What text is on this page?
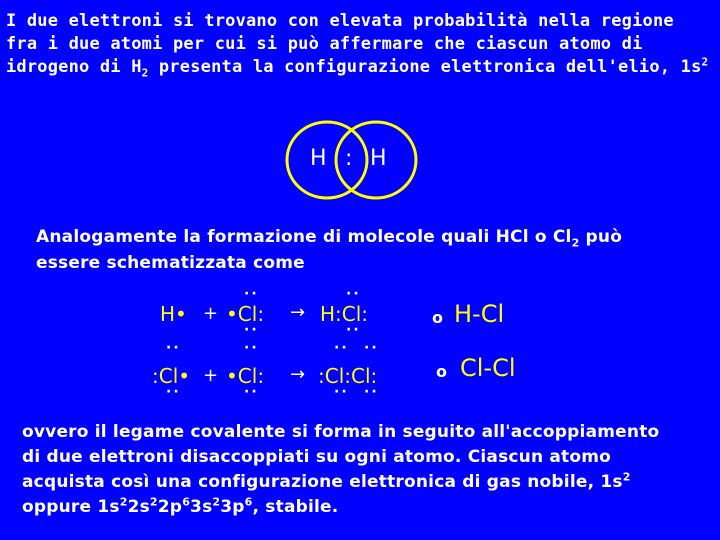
I due elettroni si trovano con elevata probabilità nella regione
fra i due atomi per cui si può affermare che ciascun atomo di
idrogeno di $H_2$ presenta la configurazione elettronica dell'elio, $1s^2$
H : H
Analogamente la formazione di molecole quali HCl o $Cl_2$ può
essere schematizzata come
H• + •Cl:
··
··
→ H:Cl:
··
··
o H-Cl
··
:Cl•
··
+
··
•Cl:
··
→
·· ··
:Cl:Cl:
·· ··
o Cl-Cl
ovvero il legame covalente si forma in seguito all'accoppiamento
di due elettroni disaccoppiati su ogni atomo. Ciascun atomo
acquista così una configurazione elettronica di gas nobile, $1s^2$
oppure $1s^22s^22p^63s^23p^6$, stabile.
